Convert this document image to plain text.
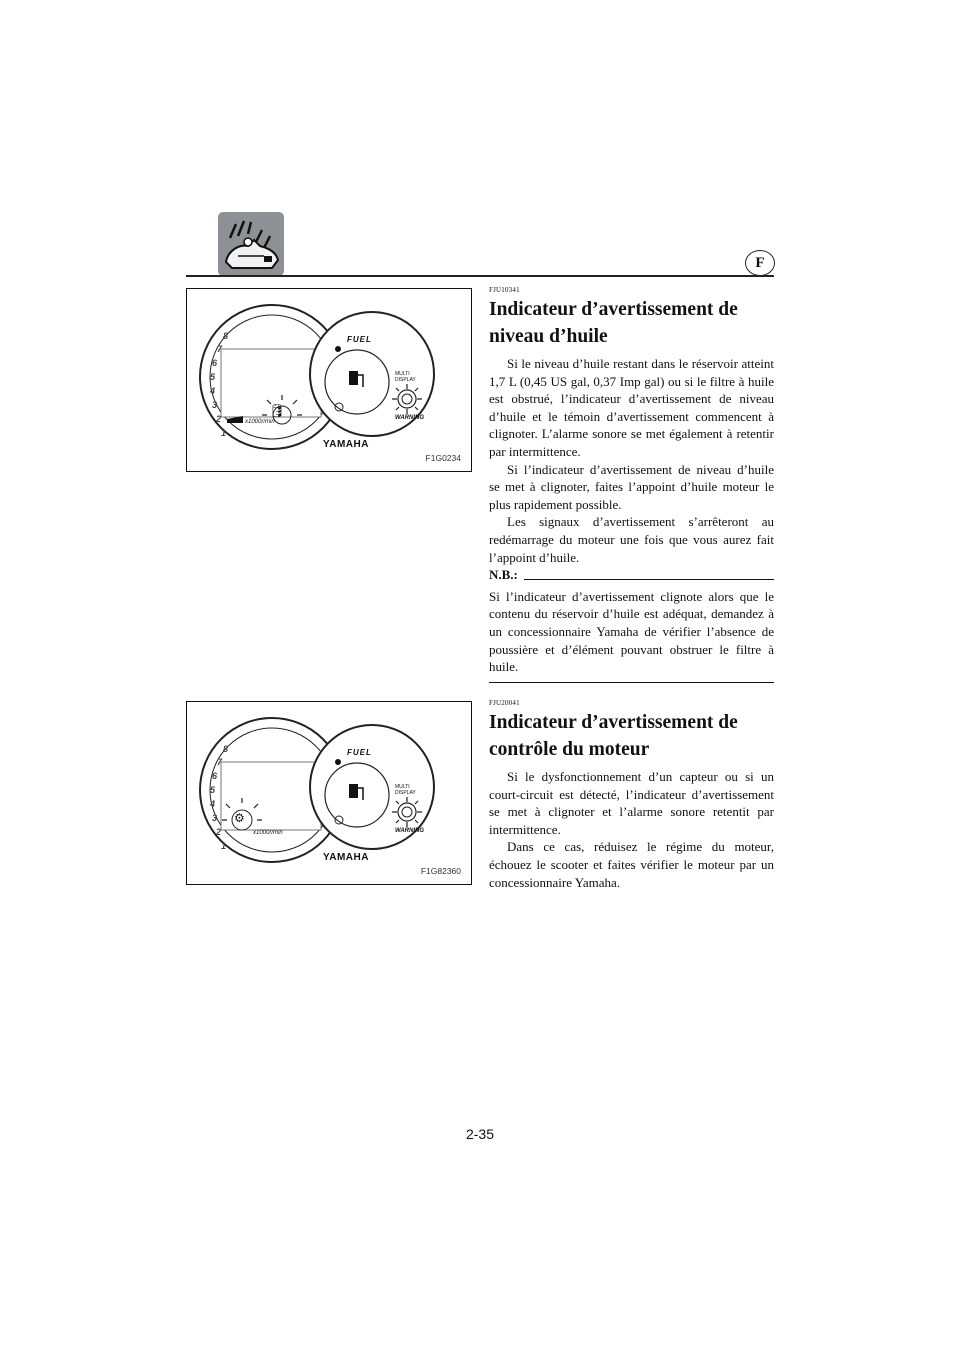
F
8
7
6
5
4
3
2
1
🛢
FUEL
MULTI DISPLAY
WARNING
x1000r/min
YAMAHA
F1G0234
FJU10341
Indicateur d’avertissement de niveau d’huile

Si le niveau d’huile restant dans le réservoir atteint 1,7 L (0,45 US gal, 0,37 Imp gal) ou si le filtre à huile est obstrué, l’indicateur d’avertissement de niveau d’huile et le témoin d’avertissement commencent à clignoter. L’alarme sonore se met également à retentir par intermittence.

Si l’indicateur d’avertissement de niveau d’huile se met à clignoter, faites l’appoint d’huile moteur le plus rapidement possible.

Les signaux d’avertissement s’arrêteront au redémarrage du moteur une fois que vous aurez fait l’appoint d’huile.

N.B.:

Si l’indicateur d’avertissement clignote alors que le contenu du réservoir d’huile est adéquat, demandez à un concessionnaire Yamaha de vérifier l’absence de poussière et d’élément pouvant obstruer le filtre à huile.

8
7
6
5
4
3
2
1
⚙
FUEL
MULTI DISPLAY
WARNING
x1000r/min
YAMAHA
F1G82360
FJU20041
Indicateur d’avertissement de contrôle du moteur

Si le dysfonctionnement d’un capteur ou si un court-circuit est détecté, l’indicateur d’avertissement se met à clignoter et l’alarme sonore retentit par intermittence.

Dans ce cas, réduisez le régime du moteur, échouez le scooter et faites vérifier le moteur par un concessionnaire Yamaha.

2-35
